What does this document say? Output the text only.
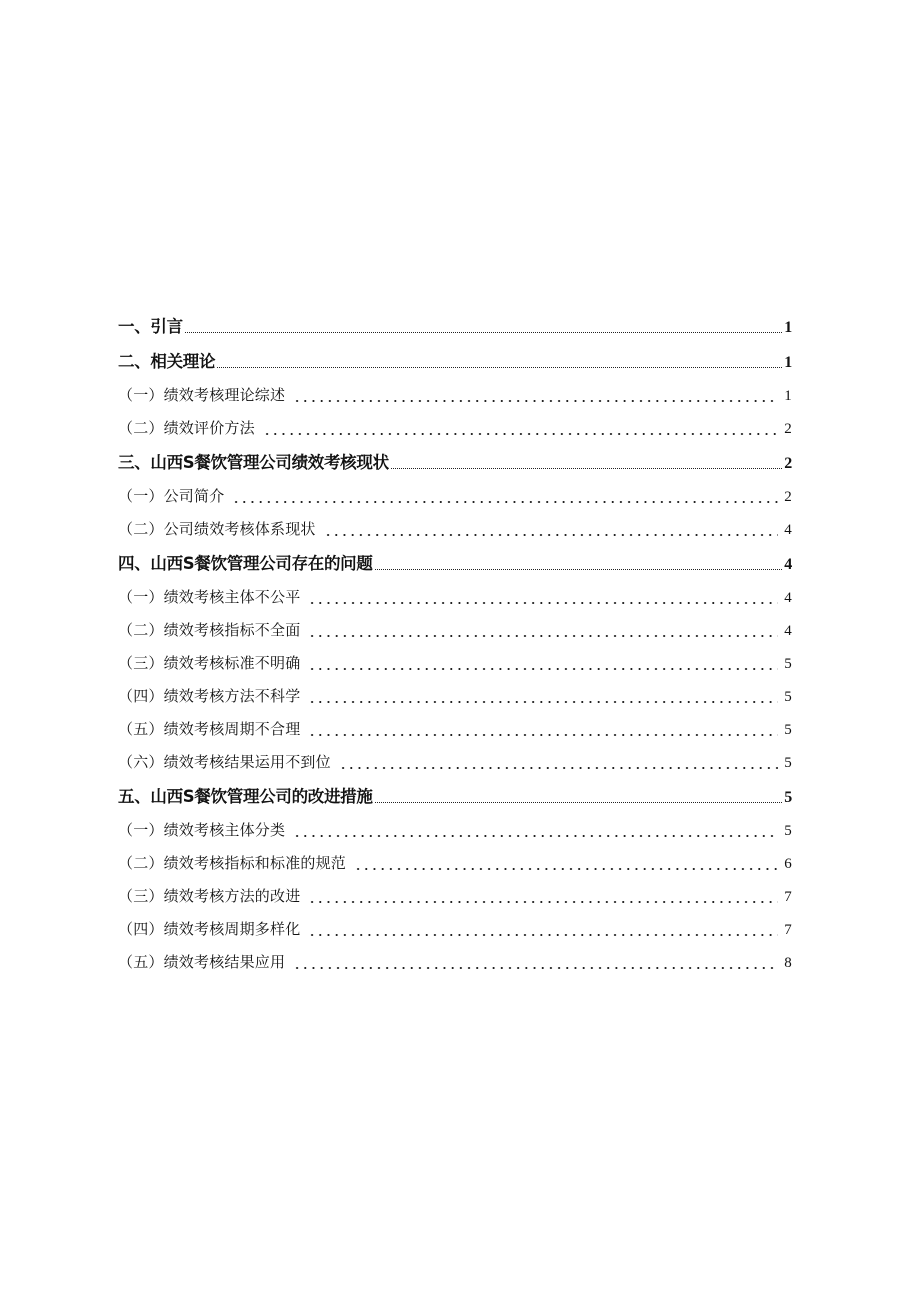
一、引言	1
二、相关理论	1
（一）绩效考核理论综述	1
（二）绩效评价方法	2
三、山西S餐饮管理公司绩效考核现状	2
（一）公司简介	2
（二）公司绩效考核体系现状	4
四、山西S餐饮管理公司存在的问题	4
（一）绩效考核主体不公平	4
（二）绩效考核指标不全面	4
（三）绩效考核标准不明确	5
（四）绩效考核方法不科学	5
（五）绩效考核周期不合理	5
（六）绩效考核结果运用不到位	5
五、山西S餐饮管理公司的改进措施	5
（一）绩效考核主体分类	5
（二）绩效考核指标和标准的规范	6
（三）绩效考核方法的改进	7
（四）绩效考核周期多样化	7
（五）绩效考核结果应用	8
